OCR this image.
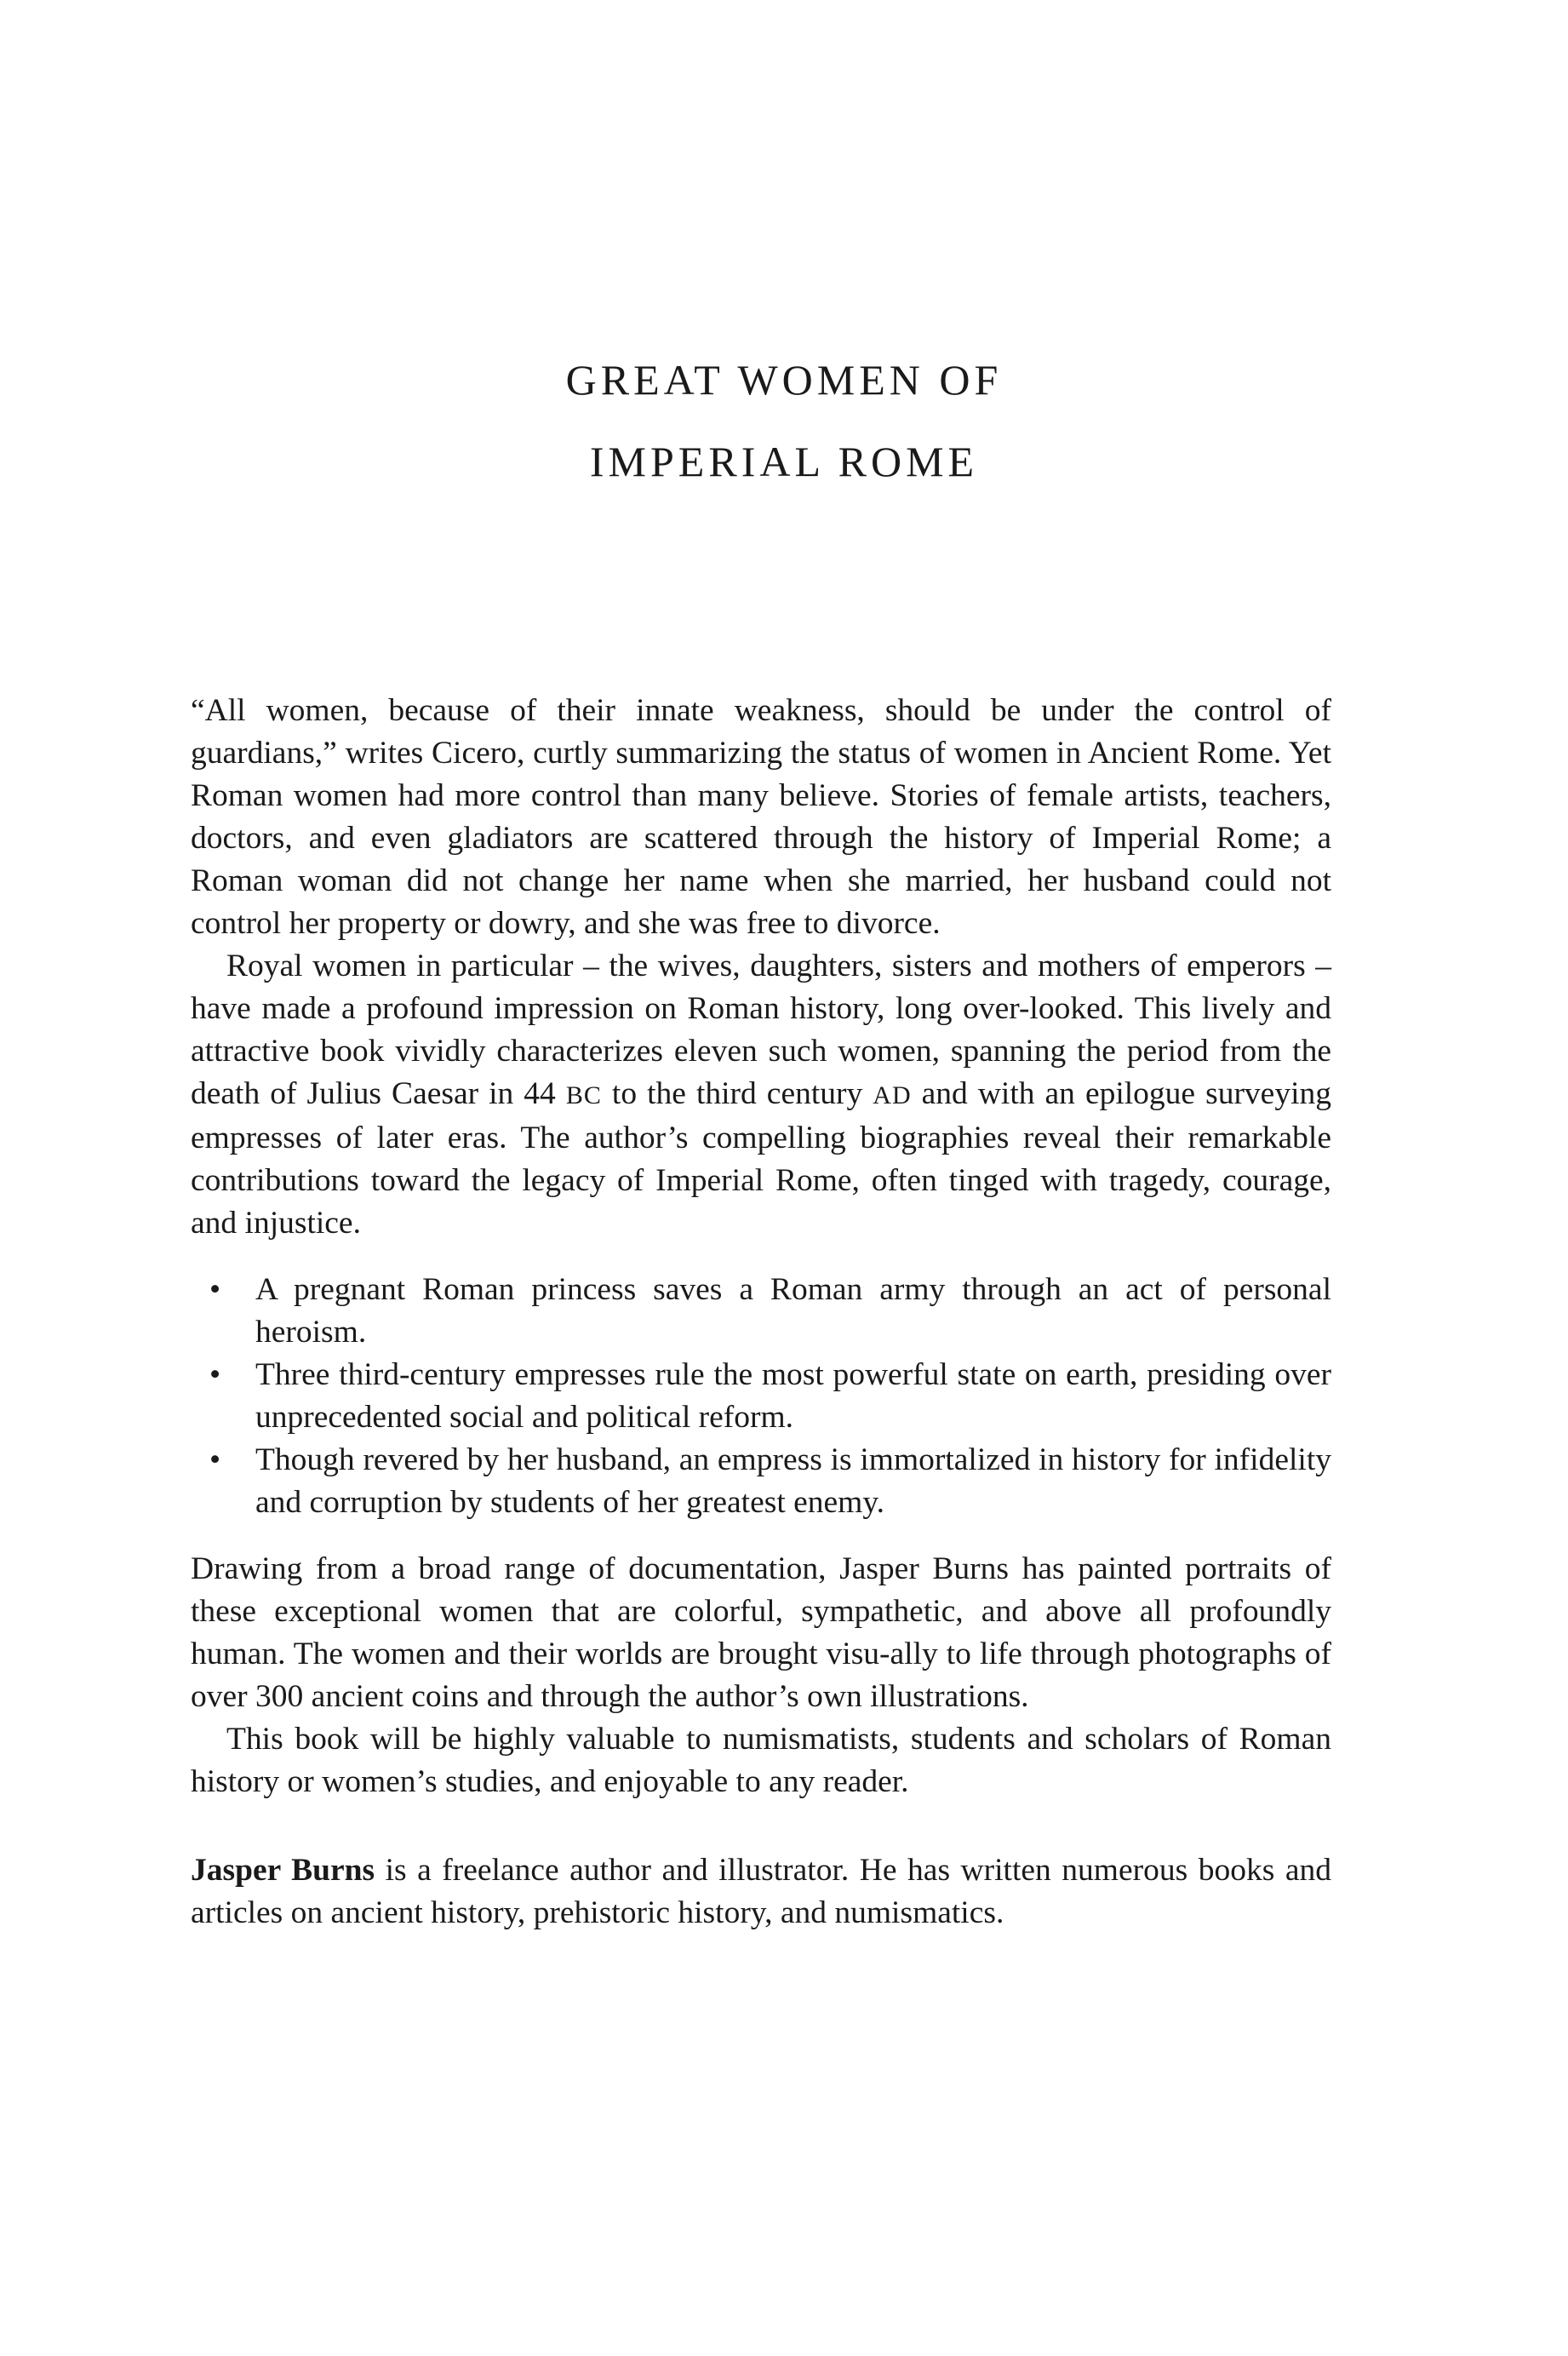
GREAT WOMEN OF
IMPERIAL ROME

“All women, because of their innate weakness, should be under the control of guardians,” writes Cicero, curtly summarizing the status of women in Ancient Rome. Yet Roman women had more control than many believe. Stories of female artists, teachers, doctors, and even gladiators are scattered through the history of Imperial Rome; a Roman woman did not change her name when she married, her husband could not control her property or dowry, and she was free to divorce.

Royal women in particular – the wives, daughters, sisters and mothers of emperors – have made a profound impression on Roman history, long over-looked. This lively and attractive book vividly characterizes eleven such women, spanning the period from the death of Julius Caesar in 44 BC to the third century AD and with an epilogue surveying empresses of later eras. The author’s compelling biographies reveal their remarkable contributions toward the legacy of Imperial Rome, often tinged with tragedy, courage, and injustice.

• A pregnant Roman princess saves a Roman army through an act of personal heroism.
• Three third-century empresses rule the most powerful state on earth, presiding over unprecedented social and political reform.
• Though revered by her husband, an empress is immortalized in history for infidelity and corruption by students of her greatest enemy.

Drawing from a broad range of documentation, Jasper Burns has painted portraits of these exceptional women that are colorful, sympathetic, and above all profoundly human. The women and their worlds are brought visu-ally to life through photographs of over 300 ancient coins and through the author’s own illustrations.

This book will be highly valuable to numismatists, students and scholars of Roman history or women’s studies, and enjoyable to any reader.

Jasper Burns is a freelance author and illustrator. He has written numerous books and articles on ancient history, prehistoric history, and numismatics.
